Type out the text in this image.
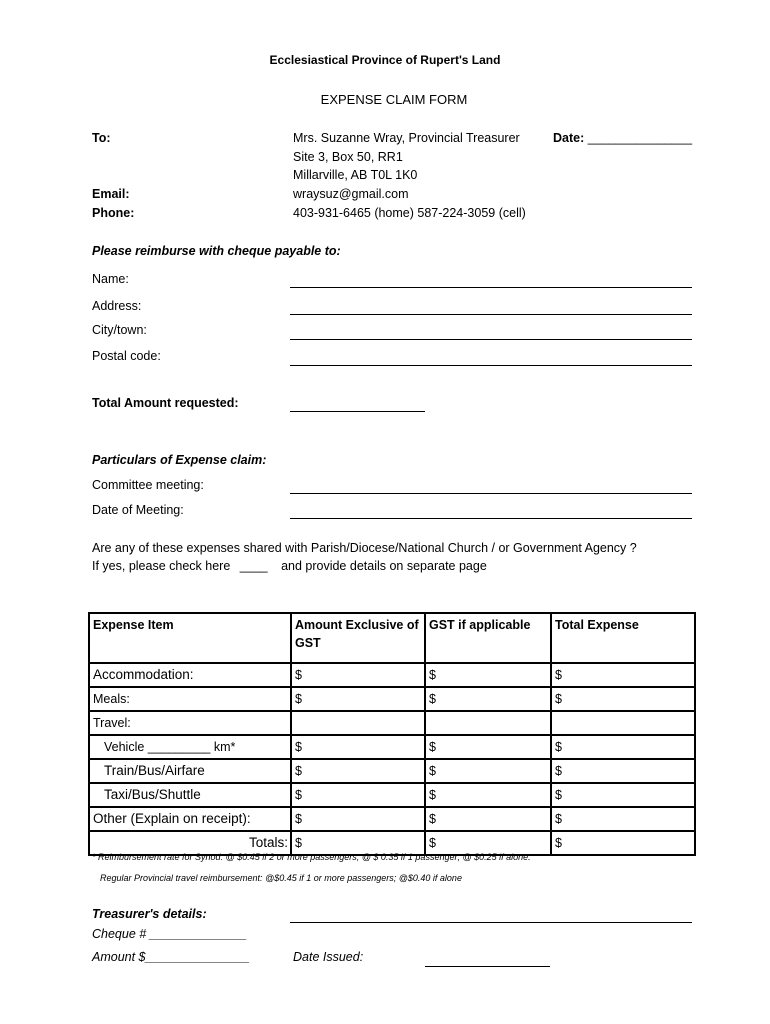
Ecclesiastical Province of Rupert's Land
EXPENSE CLAIM FORM
To:	Mrs. Suzanne Wray, Provincial Treasurer
Site 3, Box 50, RR1
Millarville, AB T0L 1K0
Date: _______________
Email:	wraysuz@gmail.com
Phone:	403-931-6465 (home) 587-224-3059 (cell)
Please reimburse with cheque payable to:
Name:
Address:
City/town:
Postal code:
Total Amount requested:
Particulars of Expense claim:
Committee meeting:
Date of Meeting:
Are any of these expenses shared with Parish/Diocese/National Church / or Government Agency ?
If yes, please check here ____ and provide details on separate page
Expense Item	Amount Exclusive of GST	GST if applicable	Total Expense
Accommodation:	$	$	$
Meals:	$	$	$
Travel:			
Vehicle _________ km*	$	$	$
Train/Bus/Airfare	$	$	$
Taxi/Bus/Shuttle	$	$	$
Other (Explain on receipt):	$	$	$
Totals:	$	$	$
* Reimbursement rate for Synod: @ $0.45 if 2 or more passengers; @ $ 0.35 if 1 passenger; @ $0.25 if alone.
Regular Provincial travel reimbursement: @$0.45 if 1 or more passengers; @$0.40 if alone
Treasurer's details:
Cheque # ______________
Amount $_______________	Date Issued:
